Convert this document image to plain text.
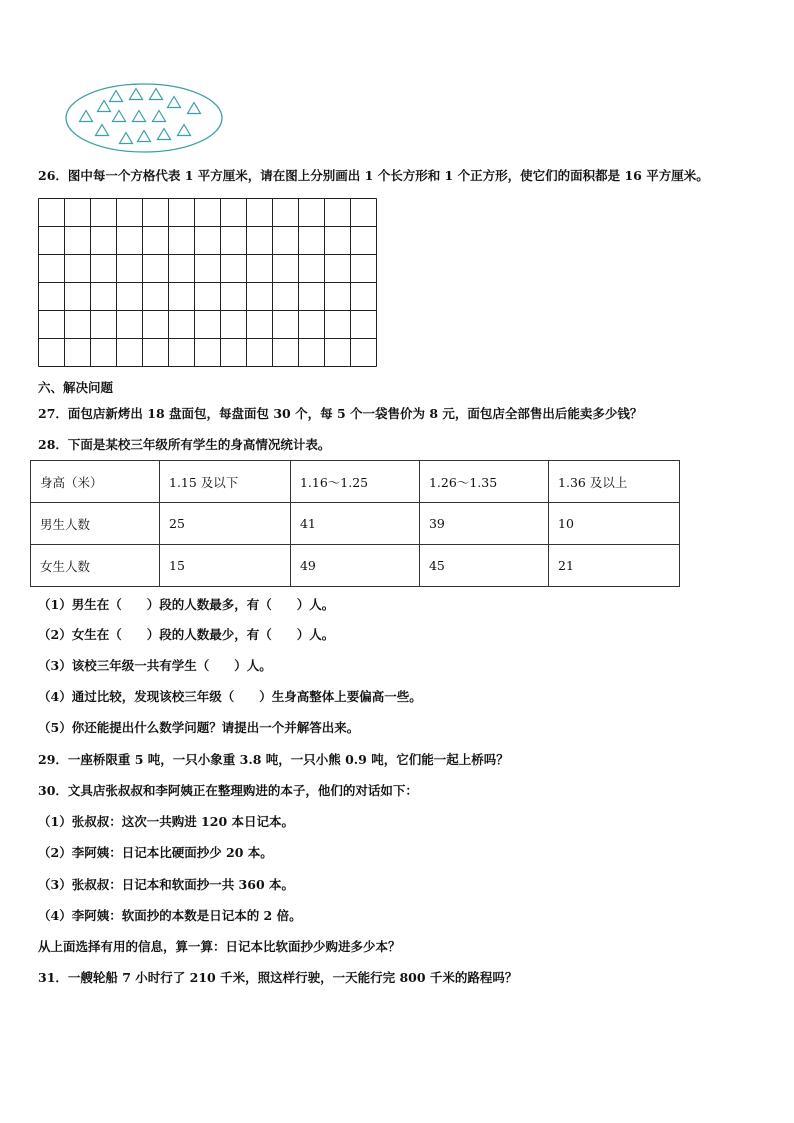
26．图中每一个方格代表 1 平方厘米，请在图上分别画出 1 个长方形和 1 个正方形，使它们的面积都是 16 平方厘米。
六、解决问题
27．面包店新烤出 18 盘面包，每盘面包 30 个，每 5 个一袋售价为 8 元，面包店全部售出后能卖多少钱？
28．下面是某校三年级所有学生的身高情况统计表。
身高（米）	1.15 及以下	1.16～1.25	1.26～1.35	1.36 及以上
男生人数	25	41	39	10
女生人数	15	49	45	21
（1）男生在（　　）段的人数最多，有（　　）人。
（2）女生在（　　）段的人数最少，有（　　）人。
（3）该校三年级一共有学生（　　）人。
（4）通过比较，发现该校三年级（　　）生身高整体上要偏高一些。
（5）你还能提出什么数学问题？请提出一个并解答出来。
29．一座桥限重 5 吨，一只小象重 3.8 吨，一只小熊 0.9 吨，它们能一起上桥吗？
30．文具店张叔叔和李阿姨正在整理购进的本子，他们的对话如下：
（1）张叔叔：这次一共购进 120 本日记本。
（2）李阿姨：日记本比硬面抄少 20 本。
（3）张叔叔：日记本和软面抄一共 360 本。
（4）李阿姨：软面抄的本数是日记本的 2 倍。
从上面选择有用的信息，算一算：日记本比软面抄少购进多少本？
31．一艘轮船 7 小时行了 210 千米，照这样行驶，一天能行完 800 千米的路程吗？
